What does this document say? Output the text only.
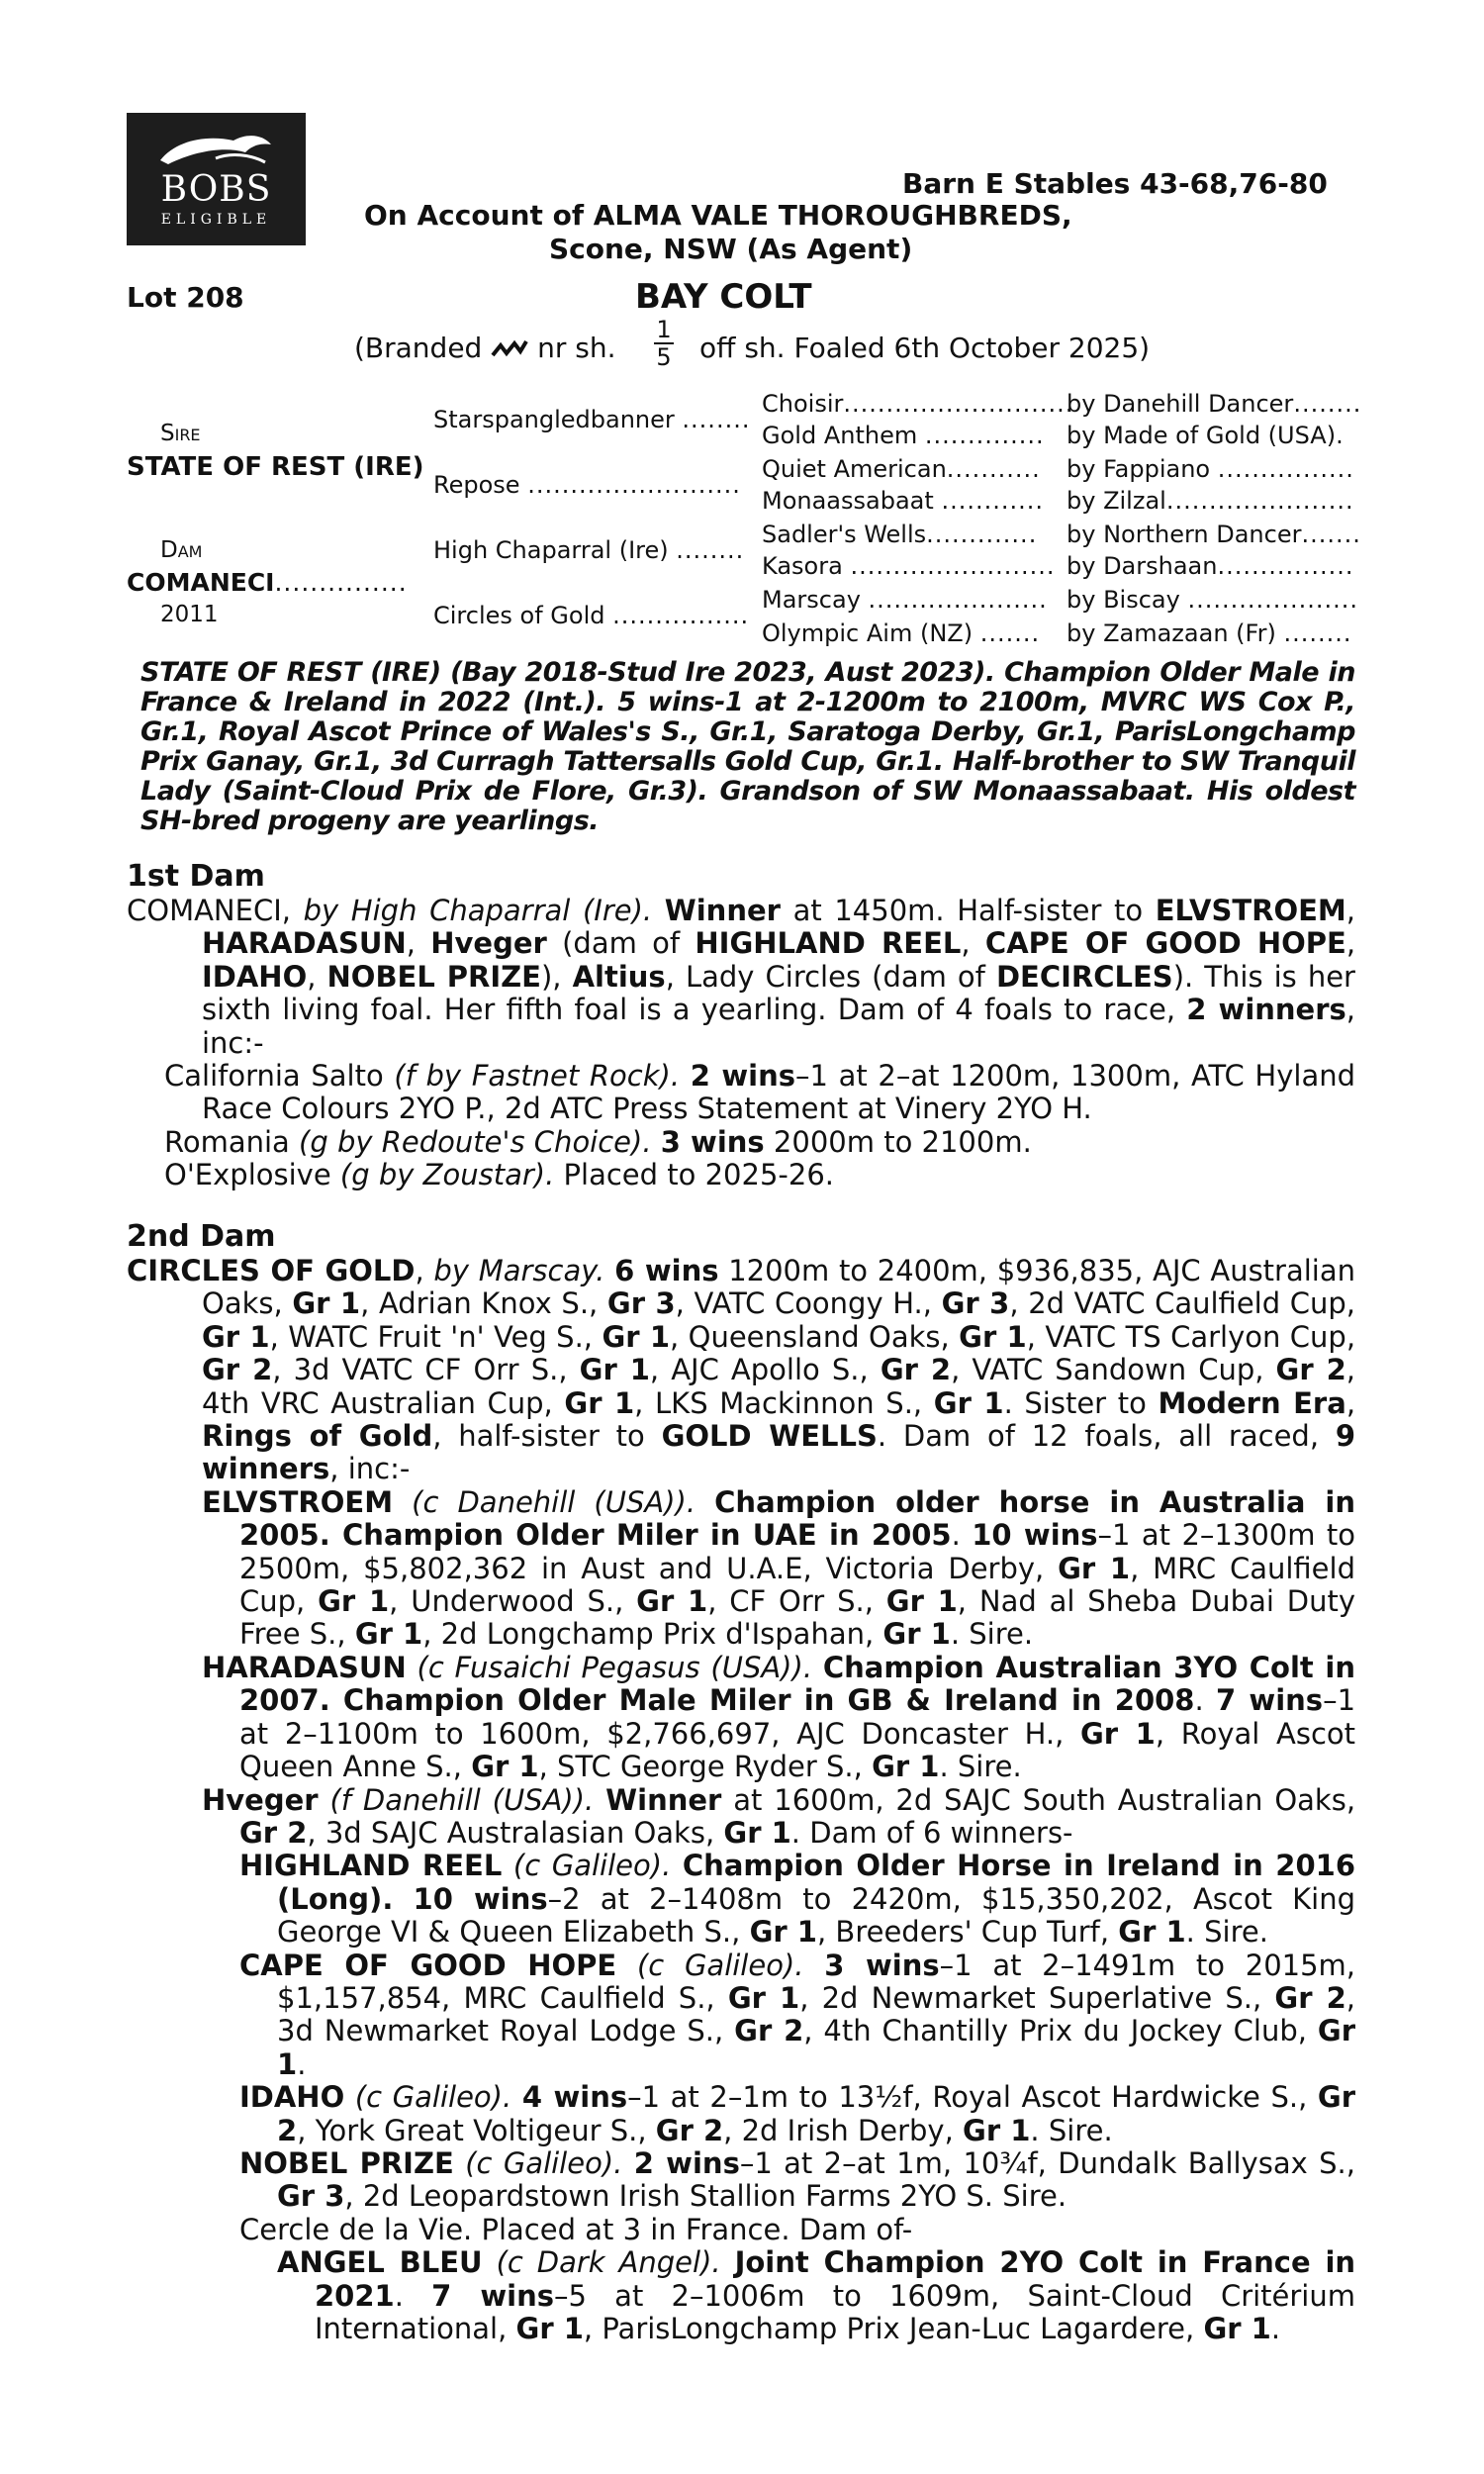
BOBS
ELIGIBLE
Barn E Stables 43-68,76-80
On Account of ALMA VALE THOROUGHBREDS,
Scone, NSW (As Agent)
Lot 208	BAY COLT
(Branded nr sh. $\frac{1}{5}$ off sh. Foaled 6th October 2025)
Sire
STATE OF REST (IRE)
Dam
COMANECI...............
2011
Starspangledbanner ........
Repose .........................
High Chaparral (Ire) ........
Circles of Gold ................
Choisir...........................
Gold Anthem ..............
Quiet American...........
Monaassabaat ............
Sadler's Wells.............
Kasora ........................
Marscay .....................
Olympic Aim (NZ) .......
by Danehill Dancer........
by Made of Gold (USA).
by Fappiano ................
by Zilzal......................
by Northern Dancer.......
by Darshaan................
by Biscay ....................
by Zamazaan (Fr) ........
STATE OF REST (IRE) (Bay 2018-Stud Ire 2023, Aust 2023). Champion Older Male in France & Ireland in 2022 (Int.). 5 wins-1 at 2-1200m to 2100m, MVRC WS Cox P., Gr.1, Royal Ascot Prince of Wales's S., Gr.1, Saratoga Derby, Gr.1, ParisLongchamp Prix Ganay, Gr.1, 3d Curragh Tattersalls Gold Cup, Gr.1. Half-brother to SW Tranquil Lady (Saint-Cloud Prix de Flore, Gr.3). Grandson of SW Monaassabaat. His oldest SH-bred progeny are yearlings.
1st Dam

COMANECI, by High Chaparral (Ire). Winner at 1450m. Half-sister to ELVSTROEM, HARADASUN, Hveger (dam of HIGHLAND REEL, CAPE OF GOOD HOPE, IDAHO, NOBEL PRIZE), Altius, Lady Circles (dam of DECIRCLES). This is her sixth living foal. Her fifth foal is a yearling. Dam of 4 foals to race, 2 winners, inc:-

California Salto (f by Fastnet Rock). 2 wins–1 at 2–at 1200m, 1300m, ATC Hyland Race Colours 2YO P., 2d ATC Press Statement at Vinery 2YO H.

Romania (g by Redoute's Choice). 3 wins 2000m to 2100m.

O'Explosive (g by Zoustar). Placed to 2025-26.

2nd Dam

CIRCLES OF GOLD, by Marscay. 6 wins 1200m to 2400m, $936,835, AJC Australian Oaks, Gr 1, Adrian Knox S., Gr 3, VATC Coongy H., Gr 3, 2d VATC Caulfield Cup, Gr 1, WATC Fruit 'n' Veg S., Gr 1, Queensland Oaks, Gr 1, VATC TS Carlyon Cup, Gr 2, 3d VATC CF Orr S., Gr 1, AJC Apollo S., Gr 2, VATC Sandown Cup, Gr 2, 4th VRC Australian Cup, Gr 1, LKS Mackinnon S., Gr 1. Sister to Modern Era, Rings of Gold, half-sister to GOLD WELLS. Dam of 12 foals, all raced, 9 winners, inc:-

ELVSTROEM (c Danehill (USA)). Champion older horse in Australia in 2005. Champion Older Miler in UAE in 2005. 10 wins–1 at 2–1300m to 2500m, $5,802,362 in Aust and U.A.E, Victoria Derby, Gr 1, MRC Caulfield Cup, Gr 1, Underwood S., Gr 1, CF Orr S., Gr 1, Nad al Sheba Dubai Duty Free S., Gr 1, 2d Longchamp Prix d'Ispahan, Gr 1. Sire.

HARADASUN (c Fusaichi Pegasus (USA)). Champion Australian 3YO Colt in 2007. Champion Older Male Miler in GB & Ireland in 2008. 7 wins–1 at 2–1100m to 1600m, $2,766,697, AJC Doncaster H., Gr 1, Royal Ascot Queen Anne S., Gr 1, STC George Ryder S., Gr 1. Sire.

Hveger (f Danehill (USA)). Winner at 1600m, 2d SAJC South Australian Oaks, Gr 2, 3d SAJC Australasian Oaks, Gr 1. Dam of 6 winners-

HIGHLAND REEL (c Galileo). Champion Older Horse in Ireland in 2016 (Long). 10 wins–2 at 2–1408m to 2420m, $15,350,202, Ascot King George VI & Queen Elizabeth S., Gr 1, Breeders' Cup Turf, Gr 1. Sire.

CAPE OF GOOD HOPE (c Galileo). 3 wins–1 at 2–1491m to 2015m, $1,157,854, MRC Caulfield S., Gr 1, 2d Newmarket Superlative S., Gr 2, 3d Newmarket Royal Lodge S., Gr 2, 4th Chantilly Prix du Jockey Club, Gr 1.

IDAHO (c Galileo). 4 wins–1 at 2–1m to 13½f, Royal Ascot Hardwicke S., Gr 2, York Great Voltigeur S., Gr 2, 2d Irish Derby, Gr 1. Sire.

NOBEL PRIZE (c Galileo). 2 wins–1 at 2–at 1m, 10¾f, Dundalk Ballysax S., Gr 3, 2d Leopardstown Irish Stallion Farms 2YO S. Sire.

Cercle de la Vie. Placed at 3 in France. Dam of-

ANGEL BLEU (c Dark Angel). Joint Champion 2YO Colt in France in 2021. 7 wins–5 at 2–1006m to 1609m, Saint-Cloud Critérium International, Gr 1, ParisLongchamp Prix Jean-Luc Lagardere, Gr 1.
